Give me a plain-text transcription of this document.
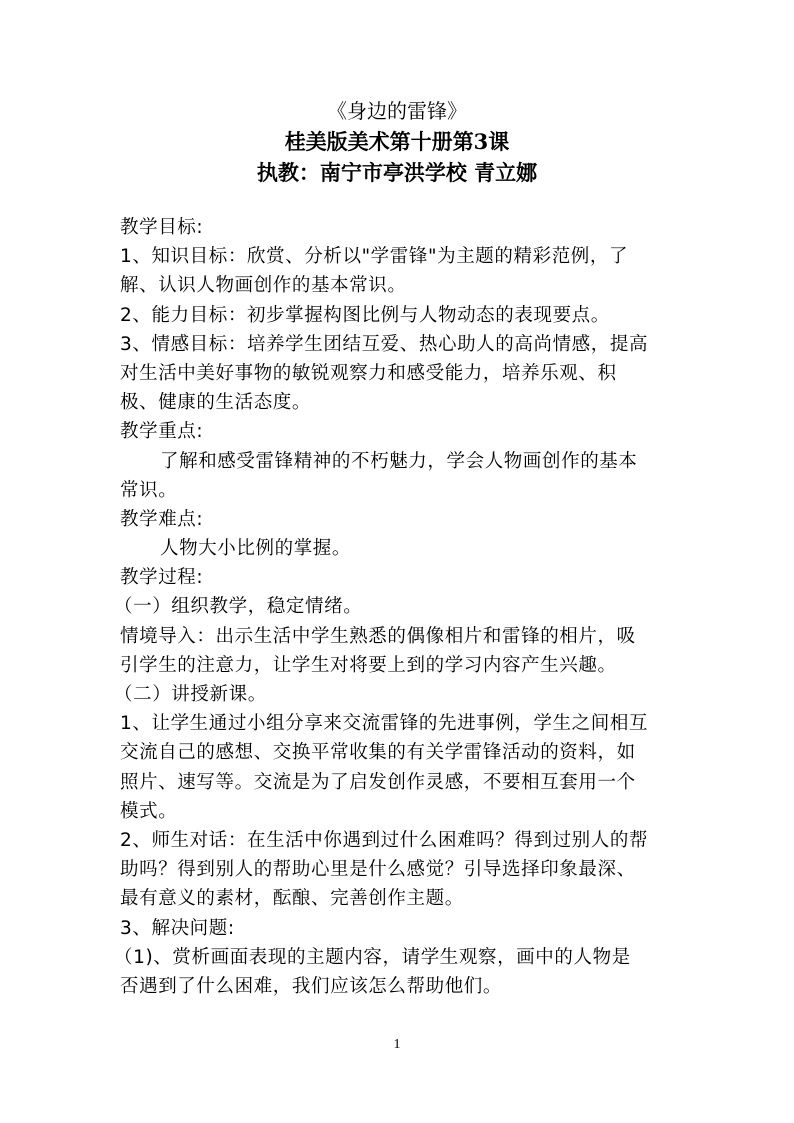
《身边的雷锋》
桂美版美术第十册第3课
执教：南宁市亭洪学校 青立娜
教学目标:
1、知识目标：欣赏、分析以"学雷锋"为主题的精彩范例，了
解、认识人物画创作的基本常识。
2、能力目标：初步掌握构图比例与人物动态的表现要点。
3、情感目标：培养学生团结互爱、热心助人的高尚情感，提高
对生活中美好事物的敏锐观察力和感受能力，培养乐观、积
极、健康的生活态度。
教学重点:
了解和感受雷锋精神的不朽魅力，学会人物画创作的基本
常识。
教学难点:
人物大小比例的掌握。
教学过程:
（一）组织教学，稳定情绪。
情境导入：出示生活中学生熟悉的偶像相片和雷锋的相片，吸
引学生的注意力，让学生对将要上到的学习内容产生兴趣。
（二）讲授新课。
1、让学生通过小组分享来交流雷锋的先进事例，学生之间相互
交流自己的感想、交换平常收集的有关学雷锋活动的资料，如
照片、速写等。交流是为了启发创作灵感，不要相互套用一个
模式。
2、师生对话：在生活中你遇到过什么困难吗？得到过别人的帮
助吗？得到别人的帮助心里是什么感觉？引导选择印象最深、
最有意义的素材，酝酿、完善创作主题。
3、解决问题:
（1)、赏析画面表现的主题内容，请学生观察，画中的人物是
否遇到了什么困难，我们应该怎么帮助他们。
1
